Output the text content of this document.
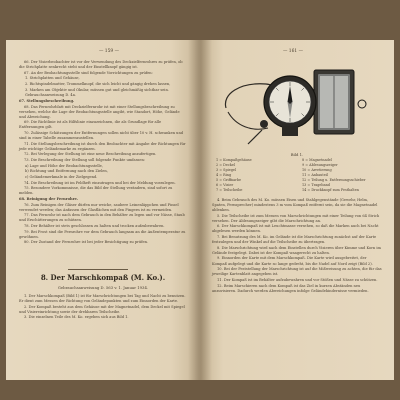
— 159 —

66. Der Visierbeobachter ist vor der Verwendung des Deckzielfernrohres zu prüfen, ob die Strichplatte senkrecht steht und der Einstellknopf gängig ist.

67. An der Beobachtungsstelle sind folgende Vorrichtungen zu prüfen:

1. Strichplatten und Gehäuse,

2. Richtspindelmutter, Trommelknopf, die sich leicht und gängig drehen lassen,

3. Marken am Objektiv und Okular, müssen gut und gleichmäßig sichtbar sein.

Gebrauchsanweisung D. 4a.

67. Stellungsbeschreibung.

68. Das Fernrohrblatt mit Deckzielfernrohr ist mit einer Stellungsbeschreibung zu versehen, welche die Lage der Beobachtungsstelle angibt, wie Standort, Höhe, Gelände und Abweichung.

69. Die Richtlinie ist als Hilfslinie einzuzeichnen, die als Grundlage für alle Entfernungen gilt.

70. Zulässige Schätzungen der Entfernungen sollen nicht über 10 v. H. schwanken und sind in einer Tabelle zusammenzustellen.

71. Die Stellungsbeschreibung ist durch den Beobachter mit Angabe der Richtungen für jede wichtige Geländemarke zu ergänzen.

72. Bei Verlegung der Stellung ist eine neue Beschreibung anzufertigen.

73. Die Beschreibung der Stellung soll folgende Punkte umfassen:

a) Lage und Höhe der Beobachtungsstelle,

b) Richtung und Entfernung nach den Zielen,

c) Geländemerkmale in der Zielgegend.

74. Die Beschreibung ist im Feldheft einzutragen und bei der Meldung vorzulegen.

75. Besondere Vorkommnisse, die das Bild der Stellung verändern, sind sofort zu melden.

68. Reinigung der Fernrohre.

76. Zum Reinigen der Gläser dürfen nur weiche, saubere Leinenläppchen und Pinsel verwendet werden; das Anfassen der Glasflächen mit den Fingern ist zu vermeiden.

77. Das Fernrohr ist nach dem Gebrauch in den Behälter zu legen und vor Nässe, Staub und Erschütterungen zu schützen.

78. Der Behälter ist stets geschlossen zu halten und trocken aufzubewahren.

79. Bei Frost sind die Fernrohre vor dem Gebrauch langsam an die Außentemperatur zu gewöhnen.

80. Der Zustand der Fernrohre ist bei jeder Besichtigung zu prüfen.

8. Der Marschkompaß (M. Ko.).
Gebrauchsanweisung D. 563 v. 1. Januar 1934.

1. Der Marschkompaß (Bild 1) ist für Marschrichtungen bei Tag und Nacht zu benutzen. Er dient zum Messen der Richtung von Geländepunkten und zum Einnorden der Karte.

2. Der Kompaß besteht aus dem Gehäuse mit der Magnetnadel, dem Deckel mit Spiegel und Visiereinrichtung sowie der drehbaren Teilscheibe.

3. Die einzelnen Teile des M. Ko. ergeben sich aus Bild 1.

— 161 —
Bild 1.
1 = Kompaßgehäuse	8 = Magnetnadel
2 = Deckel	9 = Ablesungszeiger
3 = Spiegel	10 = Arretierung
4 = Ring	11 = Anbauteil
5 = Griffnarbe	12 = Teilung u. Entfernungsschieber
6 = Visier	13 = Trageband
7 = Teilscheibe	14 = Druckknopf zum Festhalten

4. Beim Gebrauch des M. Ko. müssen Eisen und Stahlgegenstände (Gewehr, Helm, Spaten, Fernsprecher) mindestens 3 m vom Kompaß entfernt sein, da sie die Magnetnadel ablenken.

5. Die Teilscheibe ist zum Messen von Marschrichtungen mit einer Teilung von 64 Strich versehen. Der Ablesungszeiger gibt die Marschrichtung an.

6. Der Marschkompaß ist mit Leuchtmasse versehen, so daß die Marken auch bei Nacht abgelesen werden können.

7. Bei Benutzung des M. Ko. im Gelände ist die Marschrichtung zunächst auf der Karte festzulegen und der Winkel auf die Teilscheibe zu übertragen.

8. Die Marschrichtung wird nach dem Einstellen durch Visieren über Kimme und Korn im Gelände festgelegt. Dabei ist der Kompaß waagerecht zu halten.

9. Einnorden der Karte mit dem Marschkompaß. Die Karte wird ausgebreitet, der Kompaß aufgelegt und die Karte so lange gedreht, bis die Nadel auf Nord zeigt (Bild 2).

10. Bei der Feststellung der Marschrichtung ist auf die Mißweisung zu achten, die für das jeweilige Kartenblatt angegeben ist.

11. Der Kompaß ist im Behälter aufzubewahren und vor Stößen und Nässe zu schützen.

12. Beim Marschieren nach dem Kompaß ist das Ziel in kurzen Abständen neu anzuvisieren. Dadurch werden Abweichungen infolge Geländehindernisse vermieden.
